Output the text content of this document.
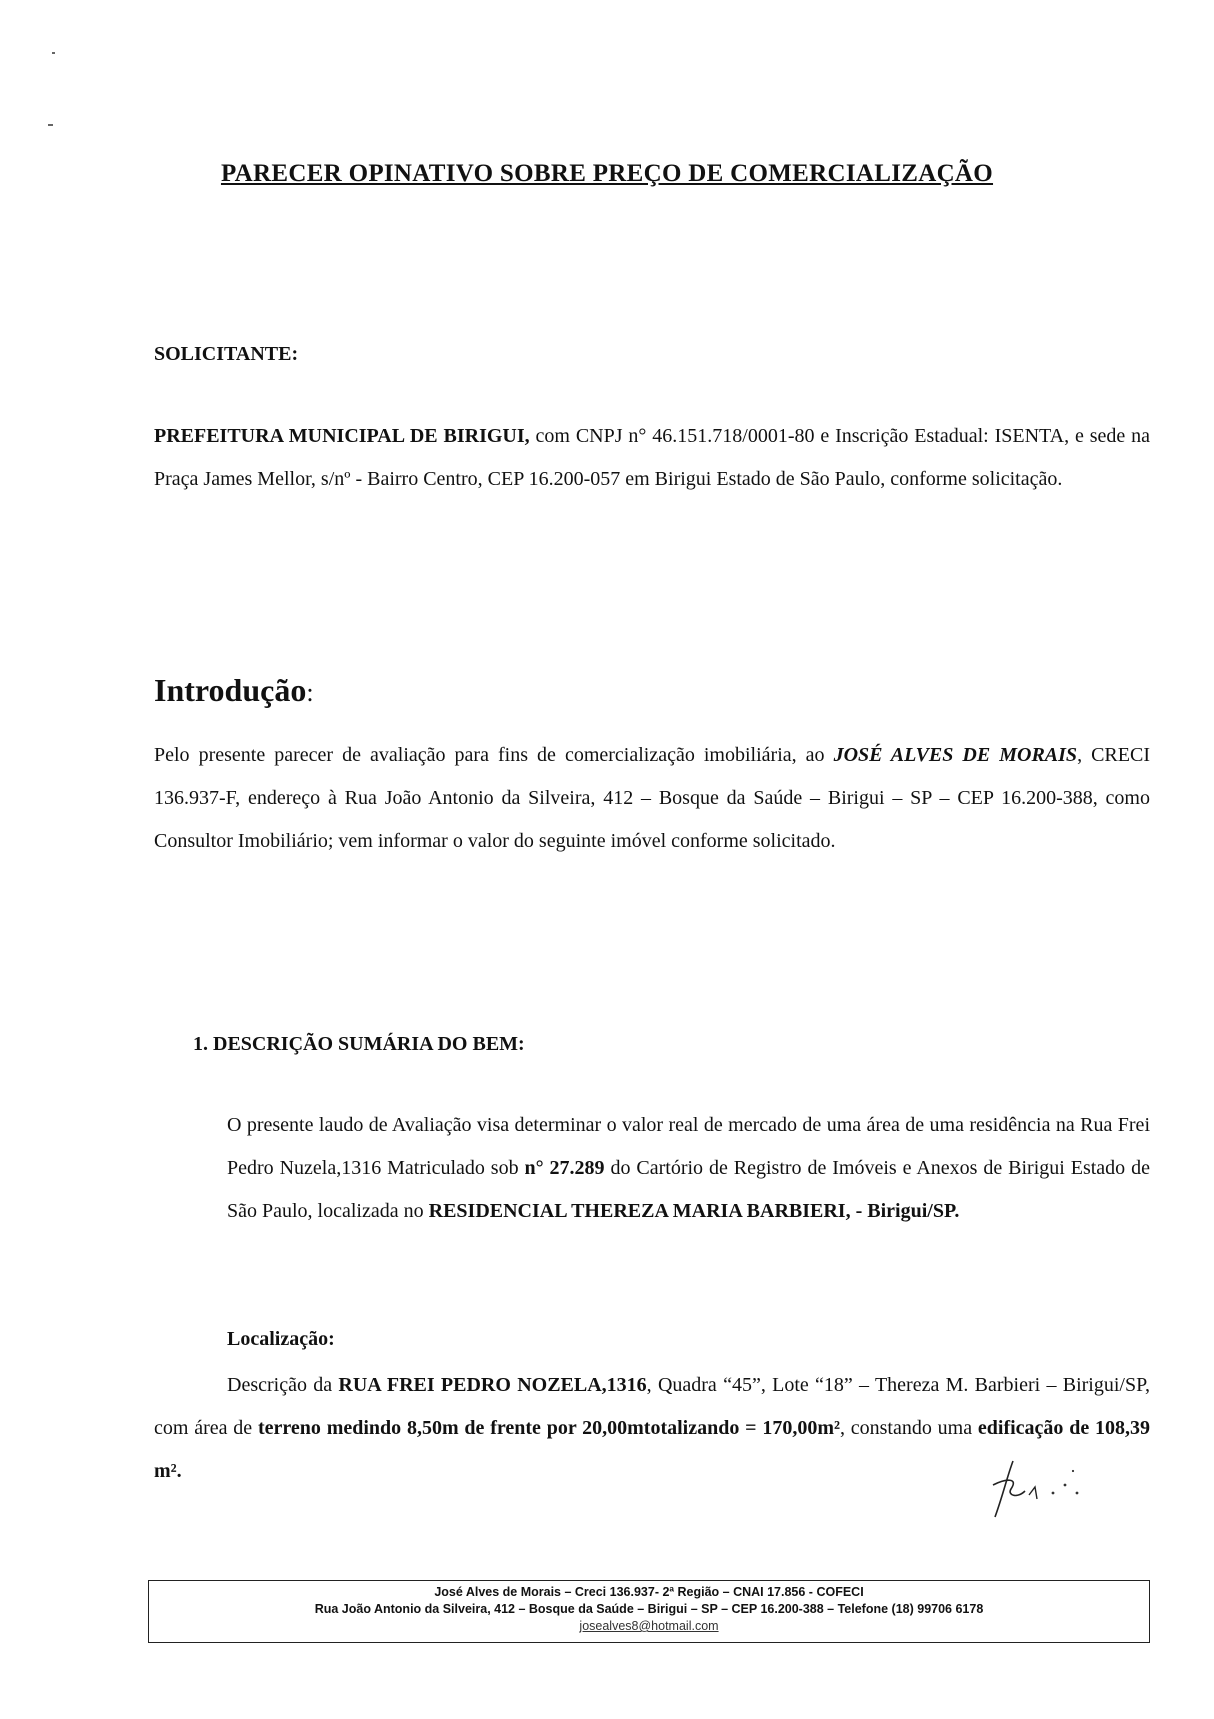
PARECER OPINATIVO SOBRE PREÇO DE COMERCIALIZAÇÃO
SOLICITANTE:
PREFEITURA MUNICIPAL DE BIRIGUI, com CNPJ n° 46.151.718/0001-80 e Inscrição Estadual: ISENTA, e sede na Praça James Mellor, s/nº - Bairro Centro, CEP 16.200-057 em Birigui Estado de São Paulo, conforme solicitação.
Introdução:
Pelo presente parecer de avaliação para fins de comercialização imobiliária, ao JOSÉ ALVES DE MORAIS, CRECI 136.937-F, endereço à Rua João Antonio da Silveira, 412 – Bosque da Saúde – Birigui – SP – CEP 16.200-388, como Consultor Imobiliário; vem informar o valor do seguinte imóvel conforme solicitado.
1. DESCRIÇÃO SUMÁRIA DO BEM:
O presente laudo de Avaliação visa determinar o valor real de mercado de uma área de uma residência na Rua Frei Pedro Nuzela,1316 Matriculado sob n° 27.289 do Cartório de Registro de Imóveis e Anexos de Birigui Estado de São Paulo, localizada no RESIDENCIAL THEREZA MARIA BARBIERI, - Birigui/SP.
Localização:
Descrição da RUA FREI PEDRO NOZELA,1316, Quadra “45”, Lote “18” – Thereza M. Barbieri – Birigui/SP, com área de terreno medindo 8,50m de frente por 20,00mtotalizando = 170,00m², constando uma edificação de 108,39 m².
José Alves de Morais – Creci 136.937- 2ª Região – CNAI 17.856 - COFECI
Rua João Antonio da Silveira, 412 – Bosque da Saúde – Birigui – SP – CEP 16.200-388 – Telefone (18) 99706 6178
josealves8@hotmail.com
